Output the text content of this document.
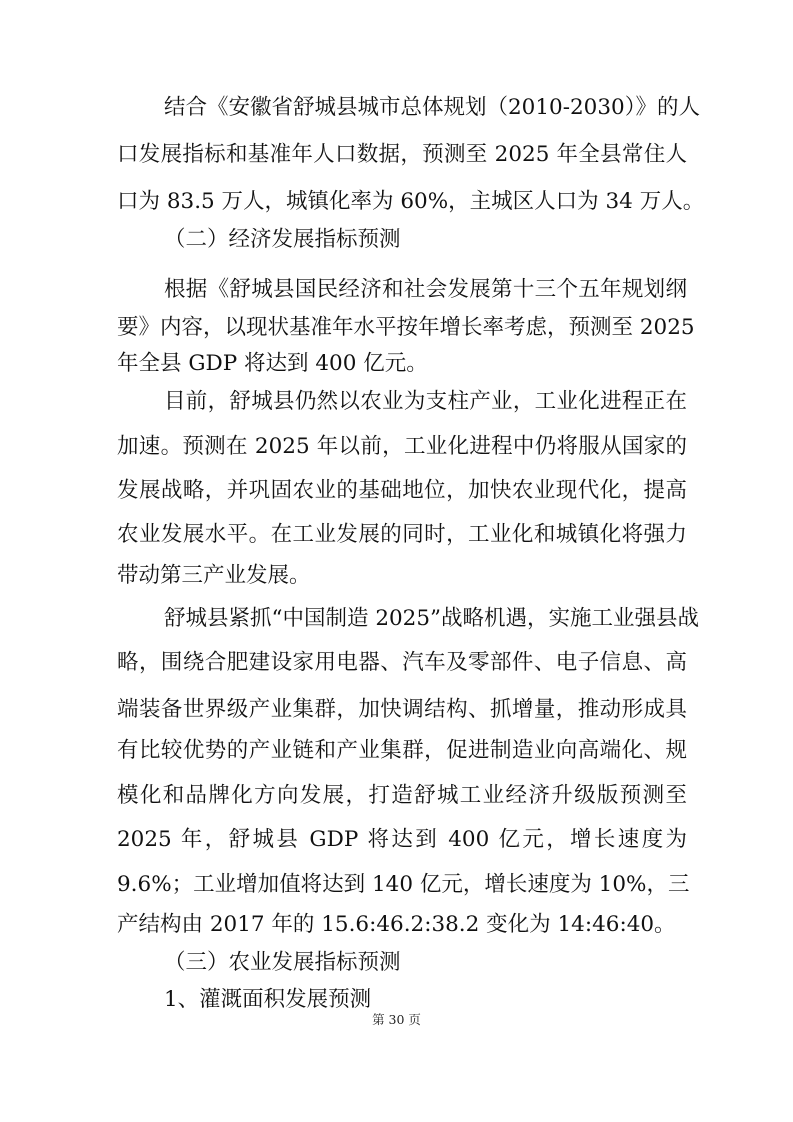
结合《安徽省舒城县城市总体规划（2010-2030）》的人
口发展指标和基准年人口数据，预测至 2025 年全县常住人
口为 83.5 万人，城镇化率为 60%，主城区人口为 34 万人。
（二）经济发展指标预测
根据《舒城县国民经济和社会发展第十三个五年规划纲
要》内容，以现状基准年水平按年增长率考虑，预测至 2025
年全县 GDP 将达到 400 亿元。
目前，舒城县仍然以农业为支柱产业，工业化进程正在
加速。预测在 2025 年以前，工业化进程中仍将服从国家的
发展战略，并巩固农业的基础地位，加快农业现代化，提高
农业发展水平。在工业发展的同时，工业化和城镇化将强力
带动第三产业发展。
舒城县紧抓“中国制造 2025”战略机遇，实施工业强县战
略，围绕合肥建设家用电器、汽车及零部件、电子信息、高
端装备世界级产业集群，加快调结构、抓增量，推动形成具
有比较优势的产业链和产业集群，促进制造业向高端化、规
模化和品牌化方向发展，打造舒城工业经济升级版预测至
2025 年，舒城县 GDP 将达到 400 亿元，增长速度为
9.6%；工业增加值将达到 140 亿元，增长速度为 10%，三
产结构由 2017 年的 15.6:46.2:38.2 变化为 14:46:40。
（三）农业发展指标预测
1、灌溉面积发展预测
第 30 页
